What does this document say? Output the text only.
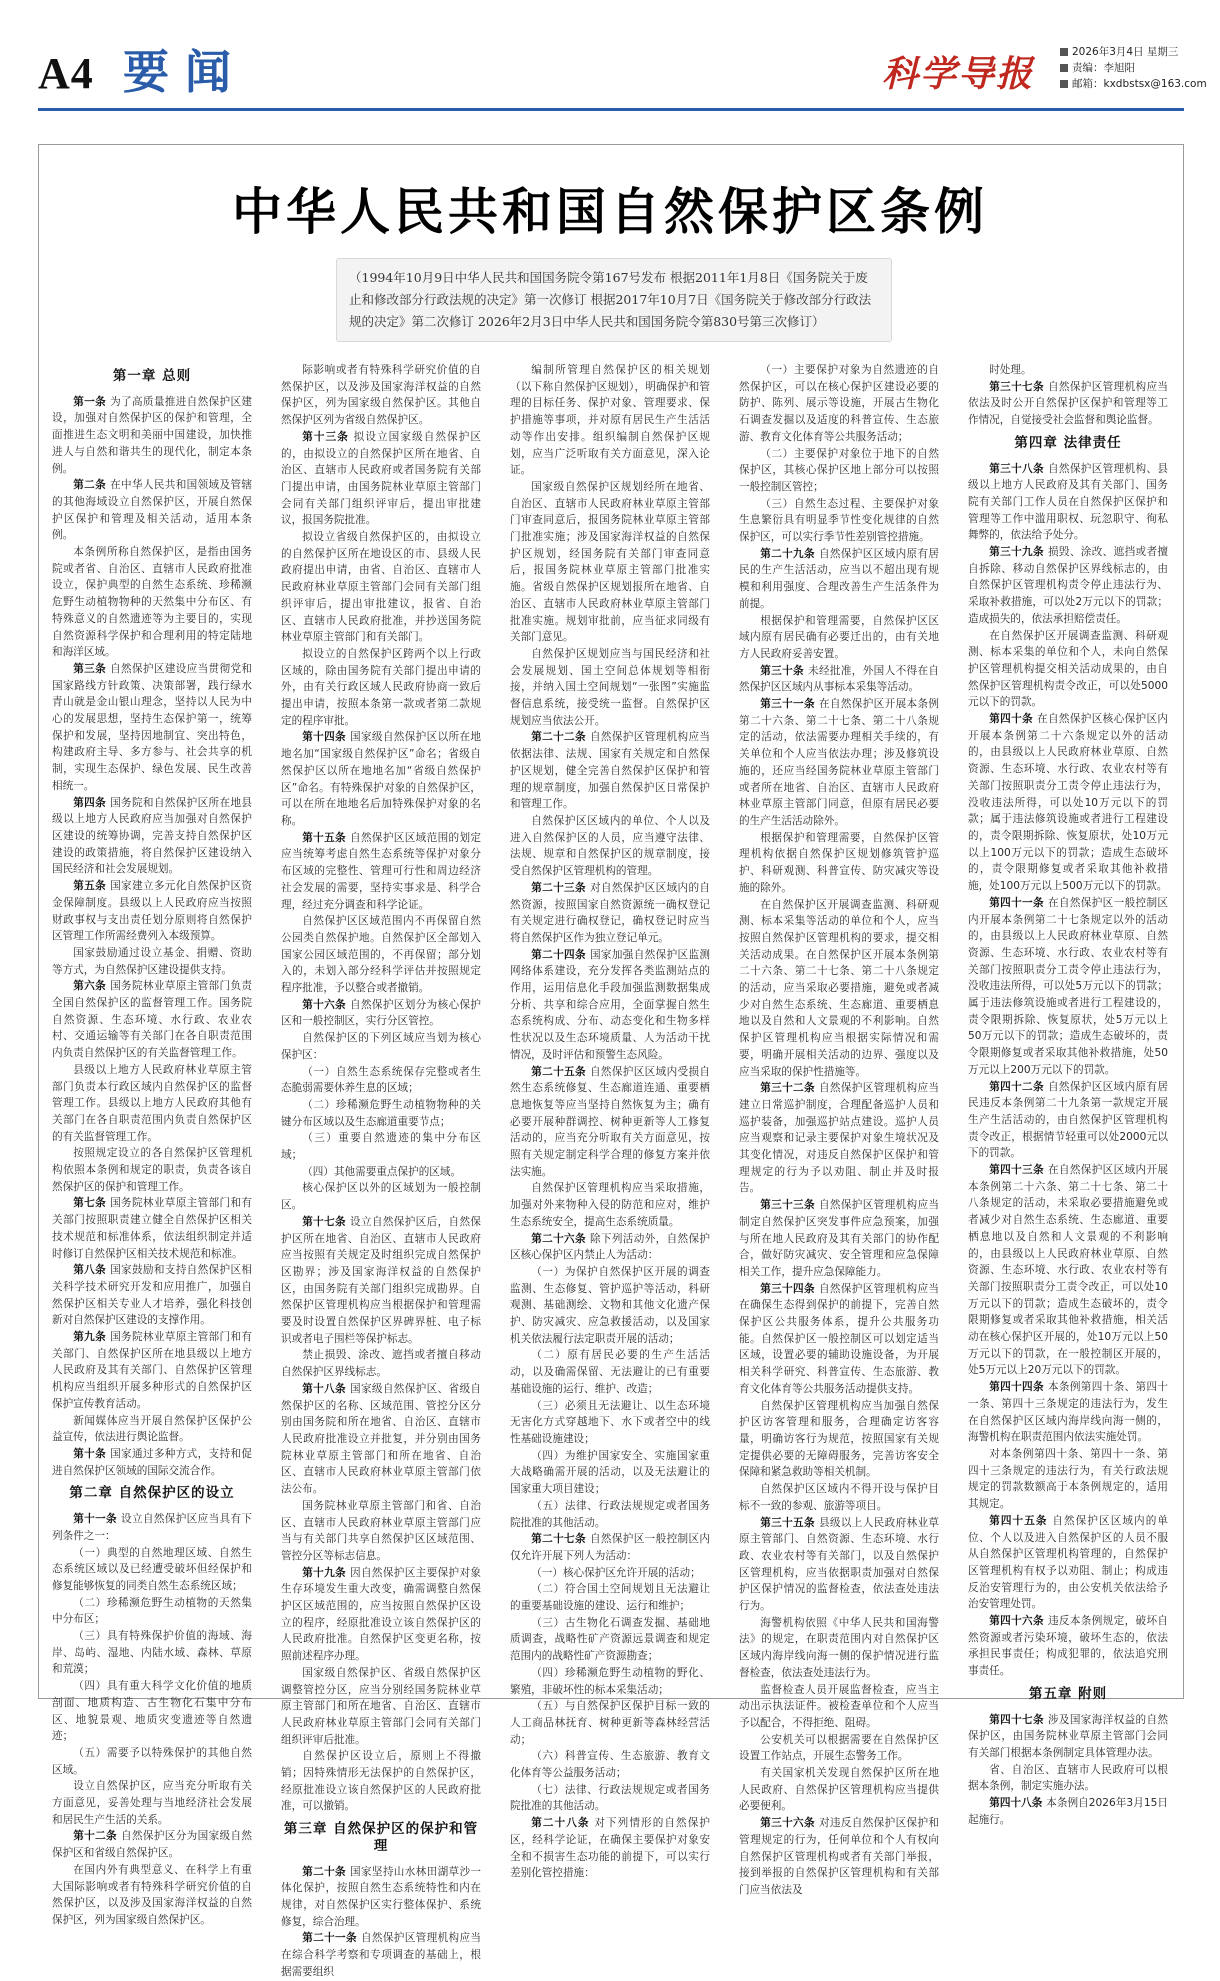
A4 要 闻	科学导报
2026年3月4日 星期三
责编：李旭阳
邮箱：kxdbstsx@163.com
中华人民共和国自然保护区条例
（1994年10月9日中华人民共和国国务院令第167号发布 根据2011年1月8日《国务院关于废止和修改部分行政法规的决定》第一次修订 根据2017年10月7日《国务院关于修改部分行政法规的决定》第二次修订 2026年2月3日中华人民共和国国务院令第830号第三次修订）
第一章 总则

第一条 为了高质量推进自然保护区建设，加强对自然保护区的保护和管理，全面推进生态文明和美丽中国建设，加快推进人与自然和谐共生的现代化，制定本条例。

第二条 在中华人民共和国领域及管辖的其他海域设立自然保护区，开展自然保护区保护和管理及相关活动，适用本条例。

本条例所称自然保护区，是指由国务院或者省、自治区、直辖市人民政府批准设立，保护典型的自然生态系统、珍稀濒危野生动植物物种的天然集中分布区、有特殊意义的自然遗迹等为主要目的，实现自然资源科学保护和合理利用的特定陆地和海洋区域。

第三条 自然保护区建设应当贯彻党和国家路线方针政策、决策部署，践行绿水青山就是金山银山理念，坚持以人民为中心的发展思想，坚持生态保护第一，统筹保护和发展，坚持因地制宜、突出特色，构建政府主导、多方参与、社会共享的机制，实现生态保护、绿色发展、民生改善相统一。

第四条 国务院和自然保护区所在地县级以上地方人民政府应当加强对自然保护区建设的统筹协调，完善支持自然保护区建设的政策措施，将自然保护区建设纳入国民经济和社会发展规划。

第五条 国家建立多元化自然保护区资金保障制度。县级以上人民政府应当按照财政事权与支出责任划分原则将自然保护区管理工作所需经费列入本级预算。

国家鼓励通过设立基金、捐赠、资助等方式，为自然保护区建设提供支持。

第六条 国务院林业草原主管部门负责全国自然保护区的监督管理工作。国务院自然资源、生态环境、水行政、农业农村、交通运输等有关部门在各自职责范围内负责自然保护区的有关监督管理工作。

县级以上地方人民政府林业草原主管部门负责本行政区域内自然保护区的监督管理工作。县级以上地方人民政府其他有关部门在各自职责范围内负责自然保护区的有关监督管理工作。

按照规定设立的各自然保护区管理机构依照本条例和规定的职责，负责各该自然保护区的保护和管理工作。

第七条 国务院林业草原主管部门和有关部门按照职责建立健全自然保护区相关技术规范和标准体系，依法组织制定并适时修订自然保护区相关技术规范和标准。

第八条 国家鼓励和支持自然保护区相关科学技术研究开发和应用推广，加强自然保护区相关专业人才培养，强化科技创新对自然保护区建设的支撑作用。

第九条 国务院林业草原主管部门和有关部门、自然保护区所在地县级以上地方人民政府及其有关部门、自然保护区管理机构应当组织开展多种形式的自然保护区保护宣传教育活动。

新闻媒体应当开展自然保护区保护公益宣传，依法进行舆论监督。

第十条 国家通过多种方式，支持和促进自然保护区领域的国际交流合作。

第二章 自然保护区的设立

第十一条 设立自然保护区应当具有下列条件之一：

（一）典型的自然地理区域、自然生态系统区域以及已经遭受破坏但经保护和修复能够恢复的同类自然生态系统区域；

（二）珍稀濒危野生动植物的天然集中分布区；

（三）具有特殊保护价值的海域、海岸、岛屿、湿地、内陆水域、森林、草原和荒漠；

（四）具有重大科学文化价值的地质剖面、地质构造、古生物化石集中分布区、地貌景观、地质灾变遗迹等自然遗迹；

（五）需要予以特殊保护的其他自然区域。

设立自然保护区，应当充分听取有关方面意见，妥善处理与当地经济社会发展和居民生产生活的关系。

第十二条 自然保护区分为国家级自然保护区和省级自然保护区。

在国内外有典型意义、在科学上有重大国际影响或者有特殊科学研究价值的自然保护区，以及涉及国家海洋权益的自然保护区，列为国家级自然保护区。

际影响或者有特殊科学研究价值的自然保护区，以及涉及国家海洋权益的自然保护区，列为国家级自然保护区。其他自然保护区列为省级自然保护区。

第十三条 拟设立国家级自然保护区的，由拟设立的自然保护区所在地省、自治区、直辖市人民政府或者国务院有关部门提出申请，由国务院林业草原主管部门会同有关部门组织评审后，提出审批建议，报国务院批准。

拟设立省级自然保护区的，由拟设立的自然保护区所在地设区的市、县级人民政府提出申请，由省、自治区、直辖市人民政府林业草原主管部门会同有关部门组织评审后，提出审批建议，报省、自治区、直辖市人民政府批准，并抄送国务院林业草原主管部门和有关部门。

拟设立的自然保护区跨两个以上行政区域的，除由国务院有关部门提出申请的外，由有关行政区域人民政府协商一致后提出申请，按照本条第一款或者第二款规定的程序审批。

第十四条 国家级自然保护区以所在地地名加“国家级自然保护区”命名；省级自然保护区以所在地地名加“省级自然保护区”命名。有特殊保护对象的自然保护区，可以在所在地地名后加特殊保护对象的名称。

第十五条 自然保护区区域范围的划定应当统筹考虑自然生态系统等保护对象分布区域的完整性、管理可行性和周边经济社会发展的需要，坚持实事求是、科学合理，经过充分调查和科学论证。

自然保护区区域范围内不再保留自然公园类自然保护地。自然保护区全部划入国家公园区域范围的，不再保留；部分划入的，未划入部分经科学评估并按照规定程序批准，予以整合或者撤销。

第十六条 自然保护区划分为核心保护区和一般控制区，实行分区管控。

自然保护区的下列区域应当划为核心保护区：

（一）自然生态系统保存完整或者生态脆弱需要休养生息的区域；

（二）珍稀濒危野生动植物物种的关键分布区域以及生态廊道重要节点；

（三）重要自然遗迹的集中分布区域；

（四）其他需要重点保护的区域。

核心保护区以外的区域划为一般控制区。

第十七条 设立自然保护区后，自然保护区所在地省、自治区、直辖市人民政府应当按照有关规定及时组织完成自然保护区勘界；涉及国家海洋权益的自然保护区，由国务院有关部门组织完成勘界。自然保护区管理机构应当根据保护和管理需要及时设置自然保护区界碑界桩、电子标识或者电子围栏等保护标志。

禁止损毁、涂改、遮挡或者擅自移动自然保护区界线标志。

第十八条 国家级自然保护区、省级自然保护区的名称、区域范围、管控分区分别由国务院和所在地省、自治区、直辖市人民政府批准设立并批复，并分别由国务院林业草原主管部门和所在地省、自治区、直辖市人民政府林业草原主管部门依法公布。

国务院林业草原主管部门和省、自治区、直辖市人民政府林业草原主管部门应当与有关部门共享自然保护区区域范围、管控分区等标志信息。

第十九条 因自然保护区主要保护对象生存环境发生重大改变，确需调整自然保护区区域范围的，应当按照自然保护区设立的程序，经原批准设立该自然保护区的人民政府批准。自然保护区变更名称，按照前述程序办理。

国家级自然保护区、省级自然保护区调整管控分区，应当分别经国务院林业草原主管部门和所在地省、自治区、直辖市人民政府林业草原主管部门会同有关部门组织评审后批准。

自然保护区设立后，原则上不得撤销；因特殊情形无法保护的自然保护区，经原批准设立该自然保护区的人民政府批准，可以撤销。

第三章 自然保护区的保护和管理

第二十条 国家坚持山水林田湖草沙一体化保护，按照自然生态系统特性和内在规律，对自然保护区实行整体保护、系统修复，综合治理。

第二十一条 自然保护区管理机构应当在综合科学考察和专项调查的基础上，根据需要组织

编制所管理自然保护区的相关规划（以下称自然保护区规划），明确保护和管理的目标任务、保护对象、管理要求、保护措施等事项，并对原有居民生产生活活动等作出安排。组织编制自然保护区规划，应当广泛听取有关方面意见，深入论证。

国家级自然保护区规划经所在地省、自治区、直辖市人民政府林业草原主管部门审查同意后，报国务院林业草原主管部门批准实施；涉及国家海洋权益的自然保护区规划，经国务院有关部门审查同意后，报国务院林业草原主管部门批准实施。省级自然保护区规划报所在地省、自治区、直辖市人民政府林业草原主管部门批准实施。规划审批前，应当征求同级有关部门意见。

自然保护区规划应当与国民经济和社会发展规划、国土空间总体规划等相衔接，并纳入国土空间规划“一张图”实施监督信息系统，接受统一监督。自然保护区规划应当依法公开。

第二十二条 自然保护区管理机构应当依据法律、法规、国家有关规定和自然保护区规划，健全完善自然保护区保护和管理的规章制度，加强自然保护区日常保护和管理工作。

自然保护区区域内的单位、个人以及进入自然保护区的人员，应当遵守法律、法规、规章和自然保护区的规章制度，接受自然保护区管理机构的管理。

第二十三条 对自然保护区区域内的自然资源，按照国家自然资源统一确权登记有关规定进行确权登记，确权登记时应当将自然保护区作为独立登记单元。

第二十四条 国家加强自然保护区监测网络体系建设，充分发挥各类监测站点的作用，运用信息化手段加强监测数据集成分析、共享和综合应用，全面掌握自然生态系统构成、分布、动态变化和生物多样性状况以及生态环境质量、人为活动干扰情况，及时评估和预警生态风险。

第二十五条 自然保护区区域内受损自然生态系统修复、生态廊道连通、重要栖息地恢复等应当坚持自然恢复为主；确有必要开展种群调控、树种更新等人工修复活动的，应当充分听取有关方面意见，按照有关规定制定科学合理的修复方案并依法实施。

自然保护区管理机构应当采取措施，加强对外来物种入侵的防范和应对，维护生态系统安全，提高生态系统质量。

第二十六条 除下列活动外，自然保护区核心保护区内禁止人为活动：

（一）为保护自然保护区开展的调查监测、生态修复、管护巡护等活动，科研观测、基础测绘、文物和其他文化遗产保护、防灾减灾、应急救援活动，以及国家机关依法履行法定职责开展的活动；

（二）原有居民必要的生产生活活动，以及确需保留、无法避让的已有重要基础设施的运行、维护、改造；

（三）必须且无法避让、以生态环境无害化方式穿越地下、水下或者空中的线性基础设施建设；

（四）为维护国家安全、实施国家重大战略确需开展的活动，以及无法避让的国家重大项目建设；

（五）法律、行政法规规定或者国务院批准的其他活动。

第二十七条 自然保护区一般控制区内仅允许开展下列人为活动：

（一）核心保护区允许开展的活动；

（二）符合国土空间规划且无法避让的重要基础设施的建设、运行和维护；

（三）古生物化石调查发掘、基础地质调查，战略性矿产资源远景调查和规定范围内的战略性矿产资源勘查；

（四）珍稀濒危野生动植物的野化、繁殖，非破坏性的标本采集活动；

（五）与自然保护区保护目标一致的人工商品林抚育、树种更新等森林经营活动；

（六）科普宣传、生态旅游、教育文化体育等公益服务活动；

（七）法律、行政法规规定或者国务院批准的其他活动。

第二十八条 对下列情形的自然保护区，经科学论证，在确保主要保护对象安全和不损害生态功能的前提下，可以实行差别化管控措施：

（一）主要保护对象为自然遗迹的自然保护区，可以在核心保护区建设必要的防护、陈列、展示等设施，开展古生物化石调查发掘以及适度的科普宣传、生态旅游、教育文化体育等公共服务活动；

（二）主要保护对象位于地下的自然保护区，其核心保护区地上部分可以按照一般控制区管控；

（三）自然生态过程、主要保护对象生息繁衍具有明显季节性变化规律的自然保护区，可以实行季节性差别管控措施。

第二十九条 自然保护区区域内原有居民的生产生活活动，应当以不超出现有规模和利用强度、合理改善生产生活条件为前提。

根据保护和管理需要，自然保护区区域内原有居民确有必要迁出的，由有关地方人民政府妥善安置。

第三十条 未经批准，外国人不得在自然保护区区域内从事标本采集等活动。

第三十一条 在自然保护区开展本条例第二十六条、第二十七条、第二十八条规定的活动，依法需要办理相关手续的，有关单位和个人应当依法办理；涉及修筑设施的，还应当经国务院林业草原主管部门或者所在地省、自治区、直辖市人民政府林业草原主管部门同意，但原有居民必要的生产生活活动除外。

根据保护和管理需要，自然保护区管理机构依据自然保护区规划修筑管护巡护、科研观测、科普宣传、防灾减灾等设施的除外。

在自然保护区开展调查监测、科研观测、标本采集等活动的单位和个人，应当按照自然保护区管理机构的要求，提交相关活动成果。在自然保护区开展本条例第二十六条、第二十七条、第二十八条规定的活动，应当采取必要措施，避免或者减少对自然生态系统、生态廊道、重要栖息地以及自然和人文景观的不利影响。自然保护区管理机构应当根据实际情况和需要，明确开展相关活动的边界、强度以及应当采取的保护性措施等。

第三十二条 自然保护区管理机构应当建立日常巡护制度，合理配备巡护人员和巡护装备，加强巡护站点建设。巡护人员应当观察和记录主要保护对象生境状况及其变化情况，对违反自然保护区保护和管理规定的行为予以劝阻、制止并及时报告。

第三十三条 自然保护区管理机构应当制定自然保护区突发事件应急预案，加强与所在地人民政府及其有关部门的协作配合，做好防灾减灾、安全管理和应急保障相关工作，提升应急保障能力。

第三十四条 自然保护区管理机构应当在确保生态得到保护的前提下，完善自然保护区公共服务体系，提升公共服务功能。自然保护区一般控制区可以划定适当区域，设置必要的辅助设施设备，为开展相关科学研究、科普宣传、生态旅游、教育文化体育等公共服务活动提供支持。

自然保护区管理机构应当加强自然保护区访客管理和服务，合理确定访客容量，明确访客行为规范，按照国家有关规定提供必要的无障碍服务，完善访客安全保障和紧急救助等相关机制。

自然保护区区域内不得开设与保护目标不一致的参观、旅游等项目。

第三十五条 县级以上人民政府林业草原主管部门、自然资源、生态环境、水行政、农业农村等有关部门，以及自然保护区管理机构，应当依据职责加强对自然保护区保护情况的监督检查，依法查处违法行为。

海警机构依照《中华人民共和国海警法》的规定，在职责范围内对自然保护区区域内海岸线向海一侧的保护情况进行监督检查，依法查处违法行为。

监督检查人员开展监督检查，应当主动出示执法证件。被检查单位和个人应当予以配合，不得拒绝、阻碍。

公安机关可以根据需要在自然保护区设置工作站点，开展生态警务工作。

有关国家机关发现自然保护区所在地人民政府、自然保护区管理机构应当提供必要便利。

第三十六条 对违反自然保护区保护和管理规定的行为，任何单位和个人有权向自然保护区管理机构或者有关部门举报，接到举报的自然保护区管理机构和有关部门应当依法及

时处理。

第三十七条 自然保护区管理机构应当依法及时公开自然保护区保护和管理等工作情况，自觉接受社会监督和舆论监督。

第四章 法律责任

第三十八条 自然保护区管理机构、县级以上地方人民政府及其有关部门、国务院有关部门工作人员在自然保护区保护和管理等工作中滥用职权、玩忽职守、徇私舞弊的，依法给予处分。

第三十九条 损毁、涂改、遮挡或者擅自拆除、移动自然保护区界线标志的，由自然保护区管理机构责令停止违法行为、采取补救措施，可以处2万元以下的罚款；造成损失的，依法承担赔偿责任。

在自然保护区开展调查监测、科研观测、标本采集的单位和个人，未向自然保护区管理机构提交相关活动成果的，由自然保护区管理机构责令改正，可以处5000元以下的罚款。

第四十条 在自然保护区核心保护区内开展本条例第二十六条规定以外的活动的，由县级以上人民政府林业草原、自然资源、生态环境、水行政、农业农村等有关部门按照职责分工责令停止违法行为，没收违法所得，可以处10万元以下的罚款；属于违法修筑设施或者进行工程建设的，责令限期拆除、恢复原状，处10万元以上100万元以下的罚款；造成生态破坏的，责令限期修复或者采取其他补救措施，处100万元以上500万元以下的罚款。

第四十一条 在自然保护区一般控制区内开展本条例第二十七条规定以外的活动的，由县级以上人民政府林业草原、自然资源、生态环境、水行政、农业农村等有关部门按照职责分工责令停止违法行为，没收违法所得，可以处5万元以下的罚款；属于违法修筑设施或者进行工程建设的，责令限期拆除、恢复原状，处5万元以上50万元以下的罚款；造成生态破坏的，责令限期修复或者采取其他补救措施，处50万元以上200万元以下的罚款。

第四十二条 自然保护区区域内原有居民违反本条例第二十九条第一款规定开展生产生活活动的，由自然保护区管理机构责令改正，根据情节轻重可以处2000元以下的罚款。

第四十三条 在自然保护区区域内开展本条例第二十六条、第二十七条、第二十八条规定的活动，未采取必要措施避免或者减少对自然生态系统、生态廊道、重要栖息地以及自然和人文景观的不利影响的，由县级以上人民政府林业草原、自然资源、生态环境、水行政、农业农村等有关部门按照职责分工责令改正，可以处10万元以下的罚款；造成生态破坏的，责令限期修复或者采取其他补救措施，相关活动在核心保护区开展的，处10万元以上50万元以下的罚款，在一般控制区开展的，处5万元以上20万元以下的罚款。

第四十四条 本条例第四十条、第四十一条、第四十三条规定的违法行为，发生在自然保护区区域内海岸线向海一侧的，海警机构在职责范围内依法实施处罚。

对本条例第四十条、第四十一条、第四十三条规定的违法行为，有关行政法规规定的罚款数额高于本条例规定的，适用其规定。

第四十五条 自然保护区区域内的单位、个人以及进入自然保护区的人员不服从自然保护区管理机构管理的，自然保护区管理机构有权予以劝阻、制止；构成违反治安管理行为的，由公安机关依法给予治安管理处罚。

第四十六条 违反本条例规定，破坏自然资源或者污染环境，破坏生态的，依法承担民事责任；构成犯罪的，依法追究刑事责任。

第五章 附则

第四十七条 涉及国家海洋权益的自然保护区，由国务院林业草原主管部门会同有关部门根据本条例制定具体管理办法。

省、自治区、直辖市人民政府可以根据本条例，制定实施办法。

第四十八条 本条例自2026年3月15日起施行。
